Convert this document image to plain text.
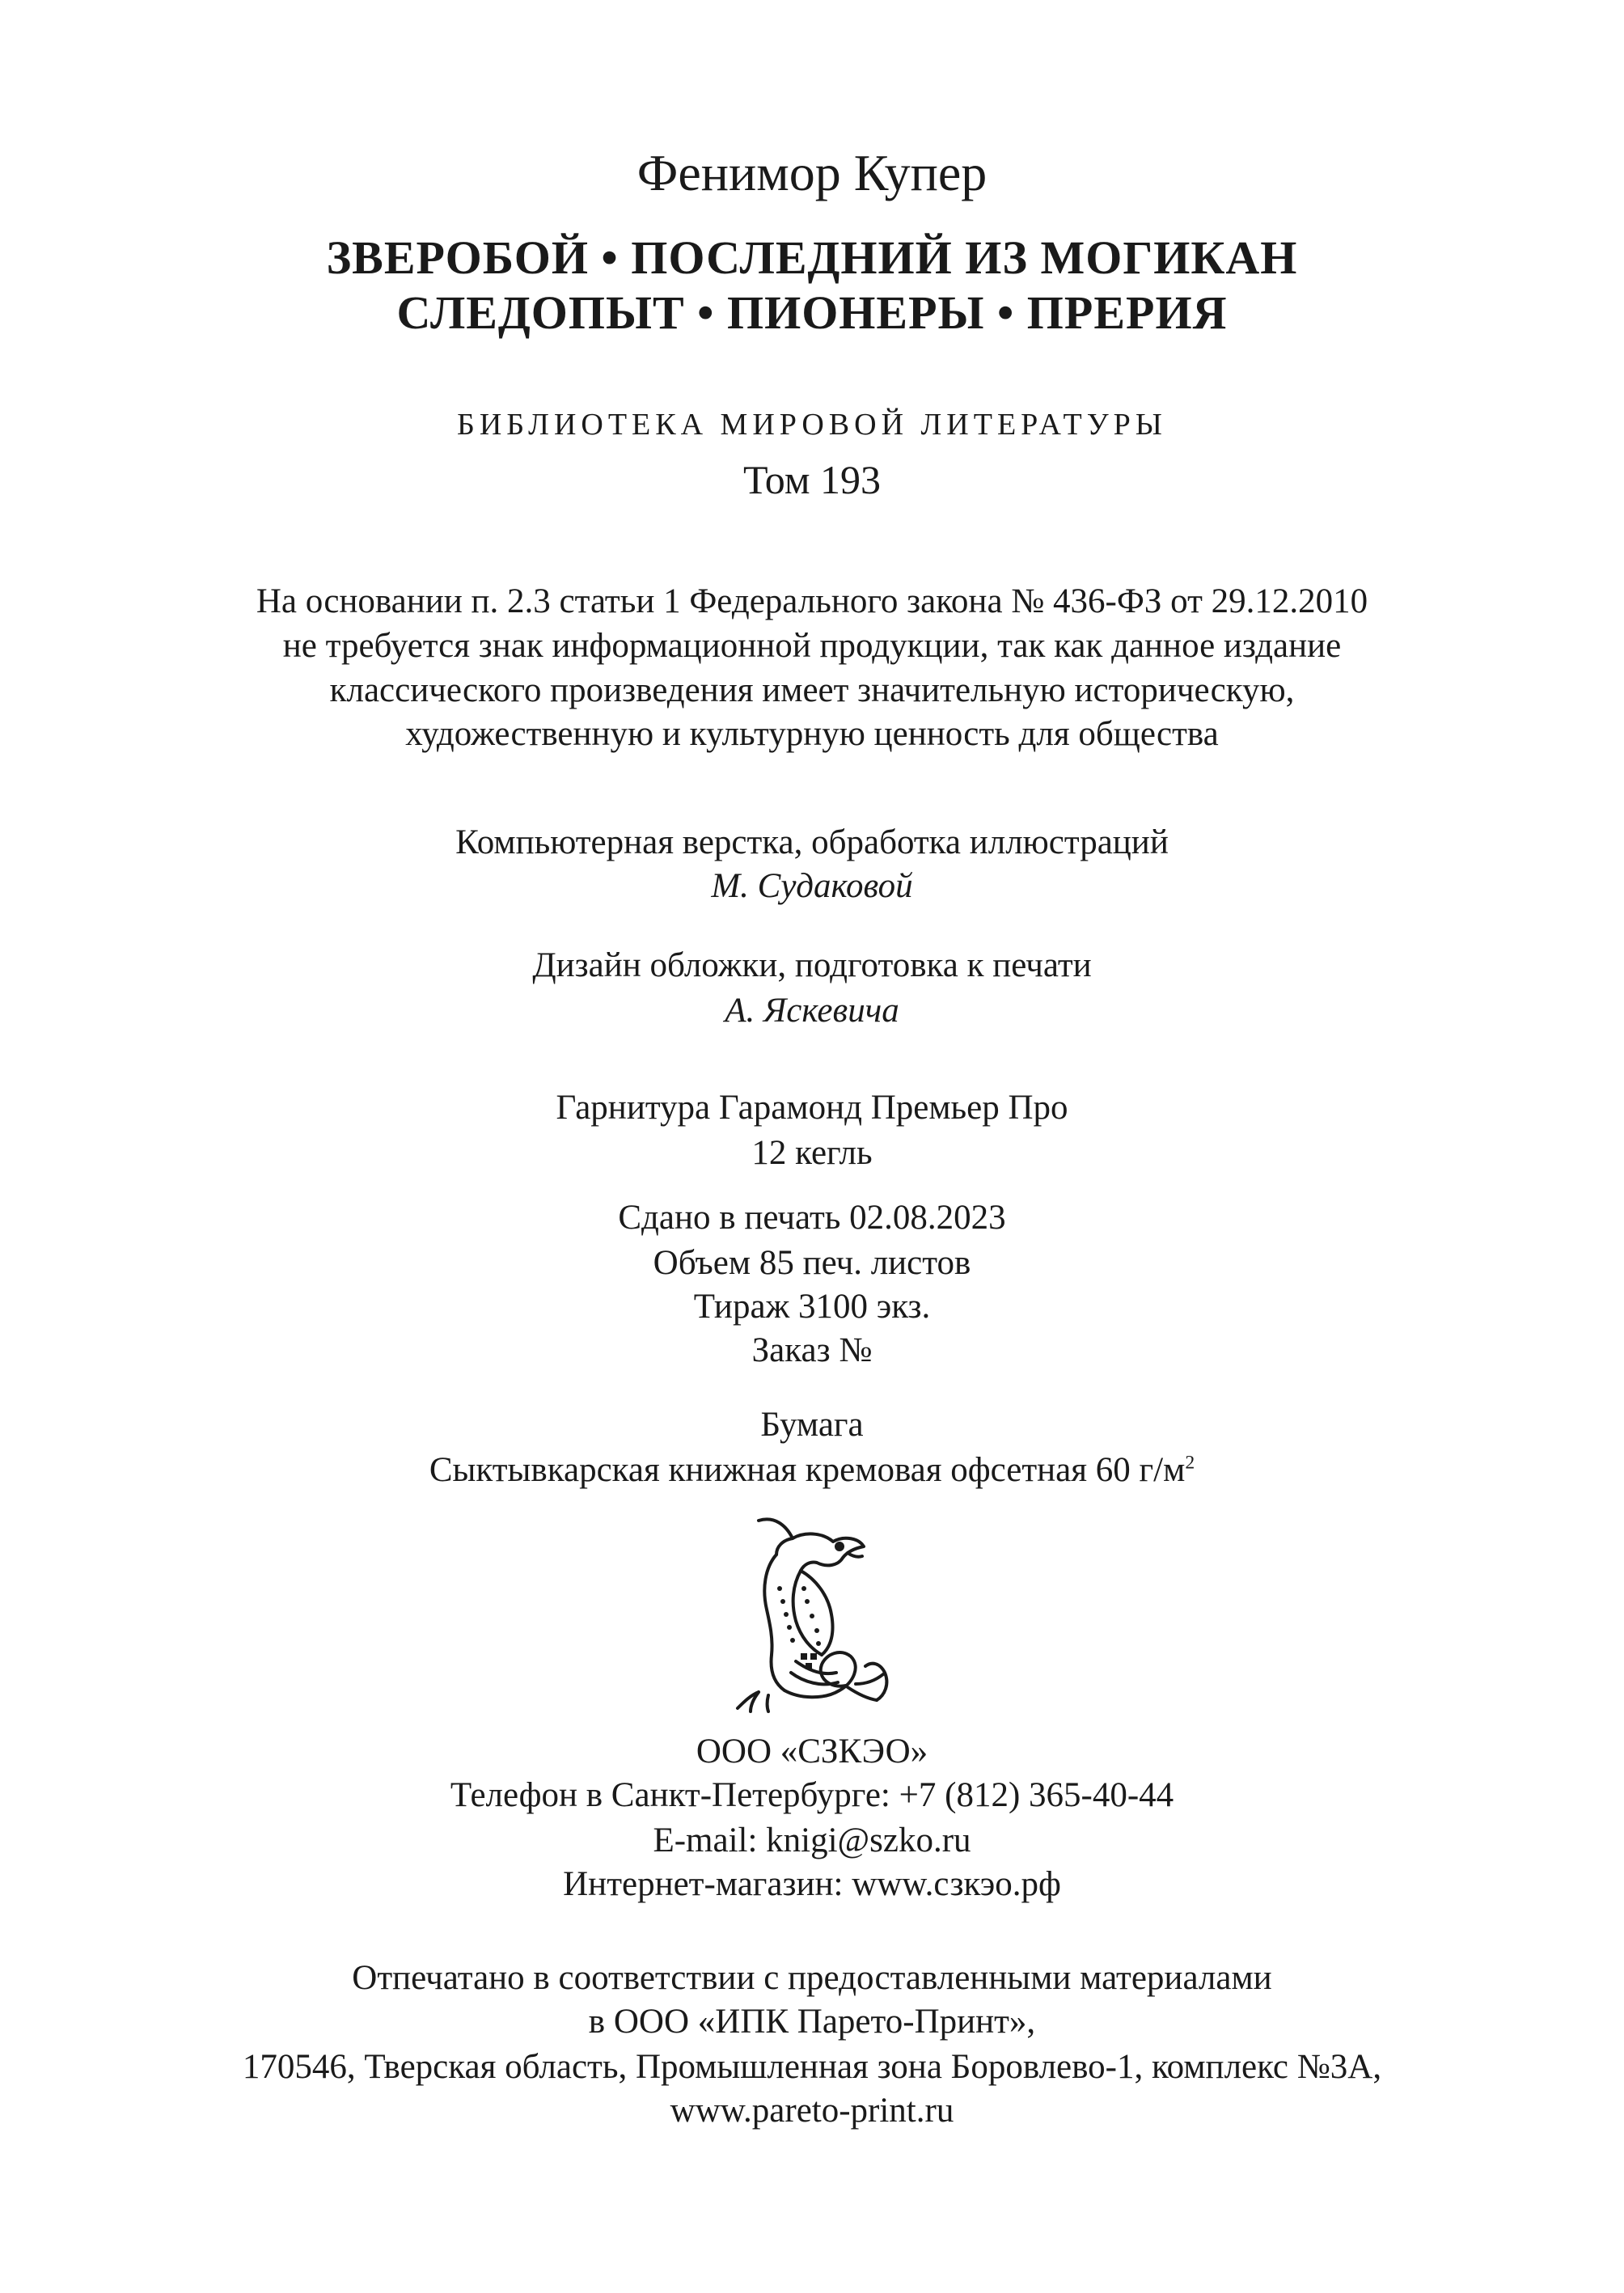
Фенимор Купер
ЗВЕРОБОЙ • ПОСЛЕДНИЙ ИЗ МОГИКАН
СЛЕДОПЫТ • ПИОНЕРЫ • ПРЕРИЯ
БИБЛИОТЕКА МИРОВОЙ ЛИТЕРАТУРЫ
Том 193
На основании п. 2.3 статьи 1 Федерального закона № 436-ФЗ от 29.12.2010
не требуется знак информационной продукции, так как данное издание
классического произведения имеет значительную историческую,
художественную и культурную ценность для общества
Компьютерная верстка, обработка иллюстраций
М. Судаковой
Дизайн обложки, подготовка к печати
А. Яскевича
Гарнитура Гарамонд Премьер Про
12 кегль
Сдано в печать 02.08.2023
Объем 85 печ. листов
Тираж 3100 экз.
Заказ №
Бумага
Сыктывкарская книжная кремовая офсетная 60 $г/м^2$
ООО «СЗКЭО»
Телефон в Санкт-Петербурге: +7 (812) 365-40-44
E-mail: knigi@szko.ru
Интернет-магазин: www.сзкэо.рф
Отпечатано в соответствии с предоставленными материалами
в ООО «ИПК Парето-Принт»,
170546, Тверская область, Промышленная зона Боровлево-1, комплекс №3А,
www.pareto-print.ru
